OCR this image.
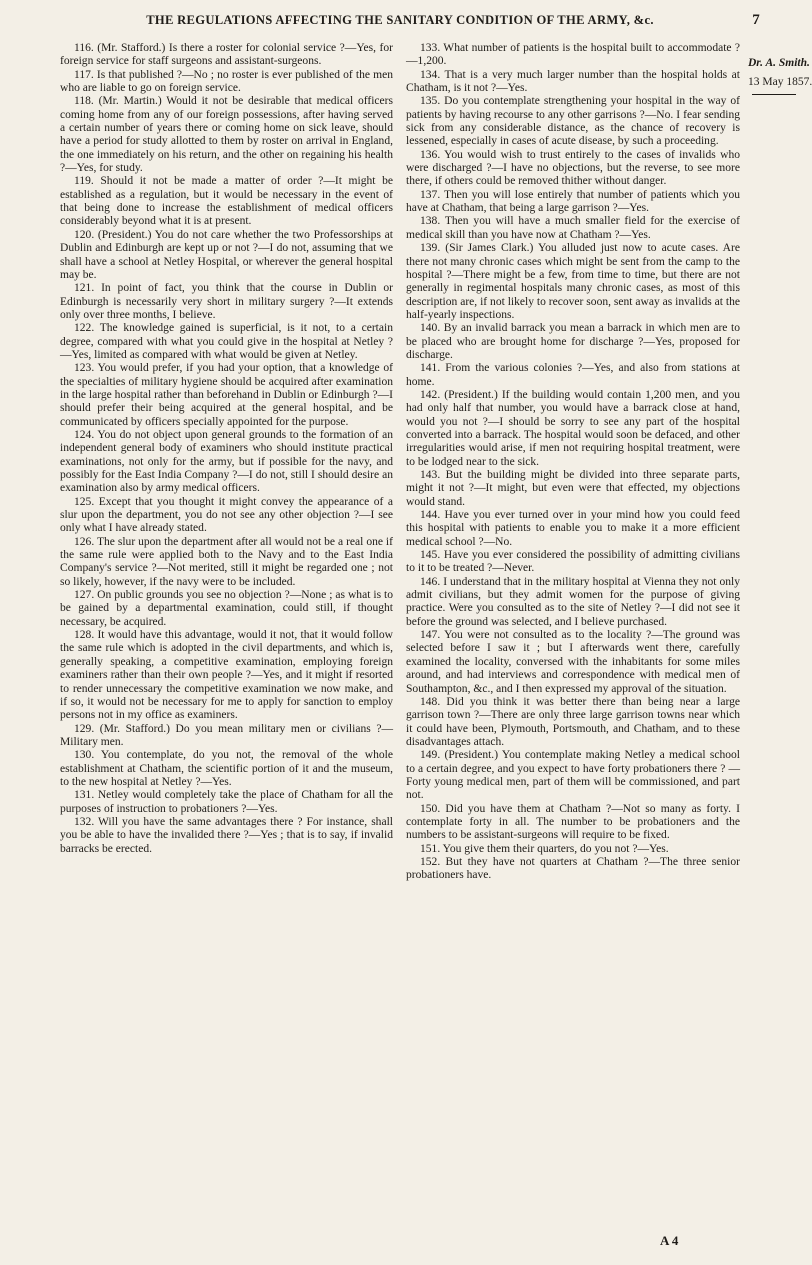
THE REGULATIONS AFFECTING THE SANITARY CONDITION OF THE ARMY, &c.	7

116. (Mr. Stafford.) Is there a roster for colonial service ?—Yes, for foreign service for staff surgeons and assistant-surgeons.

117. Is that published ?—No ; no roster is ever published of the men who are liable to go on foreign service.

118. (Mr. Martin.) Would it not be desirable that medical officers coming home from any of our foreign possessions, after having served a certain number of years there or coming home on sick leave, should have a period for study allotted to them by roster on arrival in England, the one immediately on his return, and the other on regaining his health ?—Yes, for study.

119. Should it not be made a matter of order ?—It might be established as a regulation, but it would be necessary in the event of that being done to increase the establishment of medical officers considerably beyond what it is at present.

120. (President.) You do not care whether the two Professorships at Dublin and Edinburgh are kept up or not ?—I do not, assuming that we shall have a school at Netley Hospital, or wherever the general hospital may be.

121. In point of fact, you think that the course in Dublin or Edinburgh is necessarily very short in military surgery ?—It extends only over three months, I believe.

122. The knowledge gained is superficial, is it not, to a certain degree, compared with what you could give in the hospital at Netley ?—Yes, limited as compared with what would be given at Netley.

123. You would prefer, if you had your option, that a knowledge of the specialties of military hygiene should be acquired after examination in the large hospital rather than beforehand in Dublin or Edinburgh ?—I should prefer their being acquired at the general hospital, and be communicated by officers specially appointed for the purpose.

124. You do not object upon general grounds to the formation of an independent general body of examiners who should institute practical examinations, not only for the army, but if possible for the navy, and possibly for the East India Company ?—I do not, still I should desire an examination also by army medical officers.

125. Except that you thought it might convey the appearance of a slur upon the department, you do not see any other objection ?—I see only what I have already stated.

126. The slur upon the department after all would not be a real one if the same rule were applied both to the Navy and to the East India Company's service ?—Not merited, still it might be regarded one ; not so likely, however, if the navy were to be included.

127. On public grounds you see no objection ?—None ; as what is to be gained by a departmental examination, could still, if thought necessary, be acquired.

128. It would have this advantage, would it not, that it would follow the same rule which is adopted in the civil departments, and which is, generally speaking, a competitive examination, employing foreign examiners rather than their own people ?—Yes, and it might if resorted to render unnecessary the competitive examination we now make, and if so, it would not be necessary for me to apply for sanction to employ persons not in my office as examiners.

129. (Mr. Stafford.) Do you mean military men or civilians ?—Military men.

130. You contemplate, do you not, the removal of the whole establishment at Chatham, the scientific portion of it and the museum, to the new hospital at Netley ?—Yes.

131. Netley would completely take the place of Chatham for all the purposes of instruction to probationers ?—Yes.

132. Will you have the same advantages there ? For instance, shall you be able to have the invalided there ?—Yes ; that is to say, if invalid barracks be erected.

133. What number of patients is the hospital built to accommodate ?—1,200.

134. That is a very much larger number than the hospital holds at Chatham, is it not ?—Yes.

135. Do you contemplate strengthening your hospital in the way of patients by having recourse to any other garrisons ?—No. I fear sending sick from any considerable distance, as the chance of recovery is lessened, especially in cases of acute disease, by such a proceeding.

136. You would wish to trust entirely to the cases of invalids who were discharged ?—I have no objections, but the reverse, to see more there, if others could be removed thither without danger.

137. Then you will lose entirely that number of patients which you have at Chatham, that being a large garrison ?—Yes.

138. Then you will have a much smaller field for the exercise of medical skill than you have now at Chatham ?—Yes.

139. (Sir James Clark.) You alluded just now to acute cases. Are there not many chronic cases which might be sent from the camp to the hospital ?—There might be a few, from time to time, but there are not generally in regimental hospitals many chronic cases, as most of this description are, if not likely to recover soon, sent away as invalids at the half-yearly inspections.

140. By an invalid barrack you mean a barrack in which men are to be placed who are brought home for discharge ?—Yes, proposed for discharge.

141. From the various colonies ?—Yes, and also from stations at home.

142. (President.) If the building would contain 1,200 men, and you had only half that number, you would have a barrack close at hand, would you not ?—I should be sorry to see any part of the hospital converted into a barrack. The hospital would soon be defaced, and other irregularities would arise, if men not requiring hospital treatment, were to be lodged near to the sick.

143. But the building might be divided into three separate parts, might it not ?—It might, but even were that effected, my objections would stand.

144. Have you ever turned over in your mind how you could feed this hospital with patients to enable you to make it a more efficient medical school ?—No.

145. Have you ever considered the possibility of admitting civilians to it to be treated ?—Never.

146. I understand that in the military hospital at Vienna they not only admit civilians, but they admit women for the purpose of giving practice. Were you consulted as to the site of Netley ?—I did not see it before the ground was selected, and I believe purchased.

147. You were not consulted as to the locality ?—The ground was selected before I saw it ; but I afterwards went there, carefully examined the locality, conversed with the inhabitants for some miles around, and had interviews and correspondence with medical men of Southampton, &c., and I then expressed my approval of the situation.

148. Did you think it was better there than being near a large garrison town ?—There are only three large garrison towns near which it could have been, Plymouth, Portsmouth, and Chatham, and to these disadvantages attach.

149. (President.) You contemplate making Netley a medical school to a certain degree, and you expect to have forty probationers there ? — Forty young medical men, part of them will be commissioned, and part not.

150. Did you have them at Chatham ?—Not so many as forty. I contemplate forty in all. The number to be probationers and the numbers to be assistant-surgeons will require to be fixed.

151. You give them their quarters, do you not ?—Yes.

152. But they have not quarters at Chatham ?—The three senior probationers have.

Dr. A. Smith.
13 May 1857.
A 4
